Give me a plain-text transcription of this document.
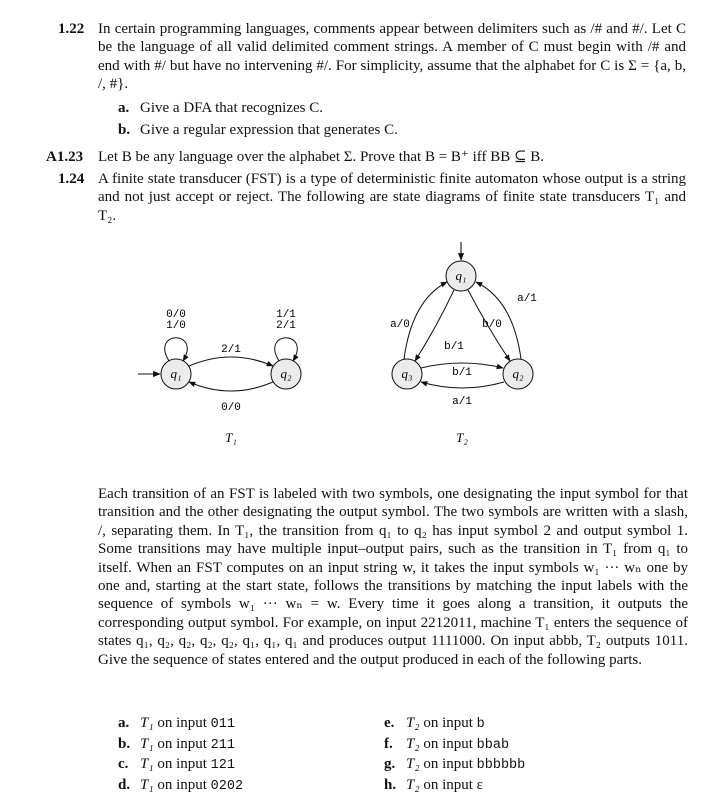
1.22 In certain programming languages, comments appear between delimiters such as /# and #/. Let C be the language of all valid delimited comment strings. A member of C must begin with /# and end with #/ but have no intervening #/. For simplicity, assume that the alphabet for C is Σ = {a, b, /, #}.
a. Give a DFA that recognizes C.
b. Give a regular expression that generates C.
A1.23 Let B be any language over the alphabet Σ. Prove that B = B⁺ iff BB ⊆ B.
1.24 A finite state transducer (FST) is a type of deterministic finite automaton whose output is a string and not just accept or reject. The following are state diagrams of finite state transducers T₁ and T₂.
q₁	q₂
0/0
1/0
1/1
2/1
2/1
0/0
T₁
q₁
q₃	q₂
a/0
b/1
b/0
a/1
b/1
a/1
T₂
Each transition of an FST is labeled with two symbols, one designating the input symbol for that transition and the other designating the output symbol. The two symbols are written with a slash, /, separating them. In T₁, the transition from q₁ to q₂ has input symbol 2 and output symbol 1. Some transitions may have multiple input–output pairs, such as the transition in T₁ from q₁ to itself. When an FST computes on an input string w, it takes the input symbols w₁ ··· wₙ one by one and, starting at the start state, follows the transitions by matching the input labels with the sequence of symbols w₁ ··· wₙ = w. Every time it goes along a transition, it outputs the corresponding output symbol. For example, on input 2212011, machine T₁ enters the sequence of states q₁, q₂, q₂, q₂, q₂, q₁, q₁, q₁ and produces output 1111000. On input abbb, T₂ outputs 1011. Give the sequence of states entered and the output produced in each of the following parts.
a. T₁ on input 011
b. T₁ on input 211
c. T₁ on input 121
d. T₁ on input 0202
e. T₂ on input b
f. T₂ on input bbab
g. T₂ on input bbbbbb
h. T₂ on input ε
